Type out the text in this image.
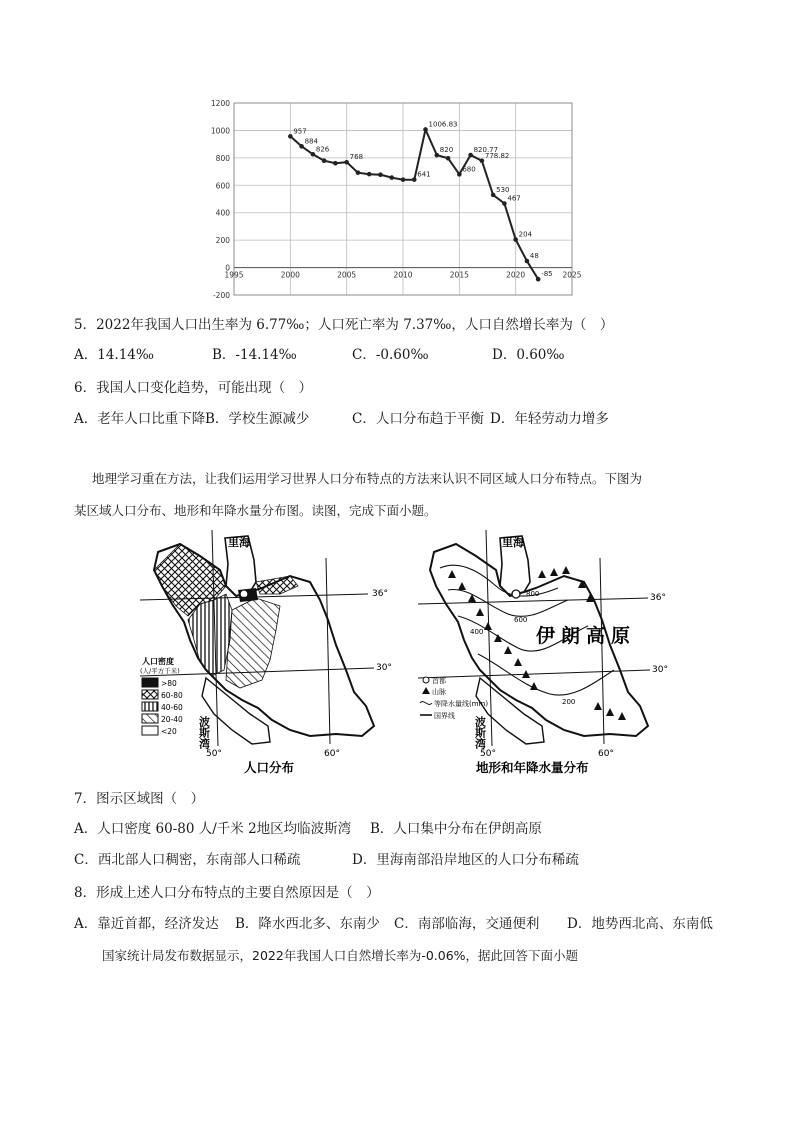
-200
0
200
400
600
800
1000
1200
1995	2000	2005	2010	2015	2020	2025
957
884
826
768
641
1006.83
820
680
820.77
778.82
530
467
204
48
-85
5．2022年我国人口出生率为 6.77‰；人口死亡率为 7.37‰，人口自然增长率为（　）
A．14.14‰	B．-14.14‰	C．-0.60‰	D．0.60‰
6．我国人口变化趋势，可能出现（　）
A．老年人口比重下降 B．学校生源减少	C．人口分布趋于平衡 D．年轻劳动力增多
地理学习重在方法，让我们运用学习世界人口分布特点的方法来认识不同区域人口分布特点。下图为
某区域人口分布、地形和年降水量分布图。读图，完成下面小题。
里海
波斯湾
36°
30°
50°	60°
人口密度
(人/平方千米)
>80
60-80
40-60
20-40
<20
人口分布
里海
波斯湾
伊朗高原
36°
30°
50°	60°
800
600
400
200
首都
山脉
等降水量线(mm)
国界线
地形和年降水量分布
7．图示区域图（　）
A．人口密度 60-80 人/千米 2地区均临波斯湾 B．人口集中分布在伊朗高原
C．西北部人口稠密，东南部人口稀疏	D．里海南部沿岸地区的人口分布稀疏
8．形成上述人口分布特点的主要自然原因是（　）
A．靠近首都，经济发达 B．降水西北多、东南少 C．南部临海，交通便利 D．地势西北高、东南低
国家统计局发布数据显示，2022年我国人口自然增长率为-0.06%，据此回答下面小题
